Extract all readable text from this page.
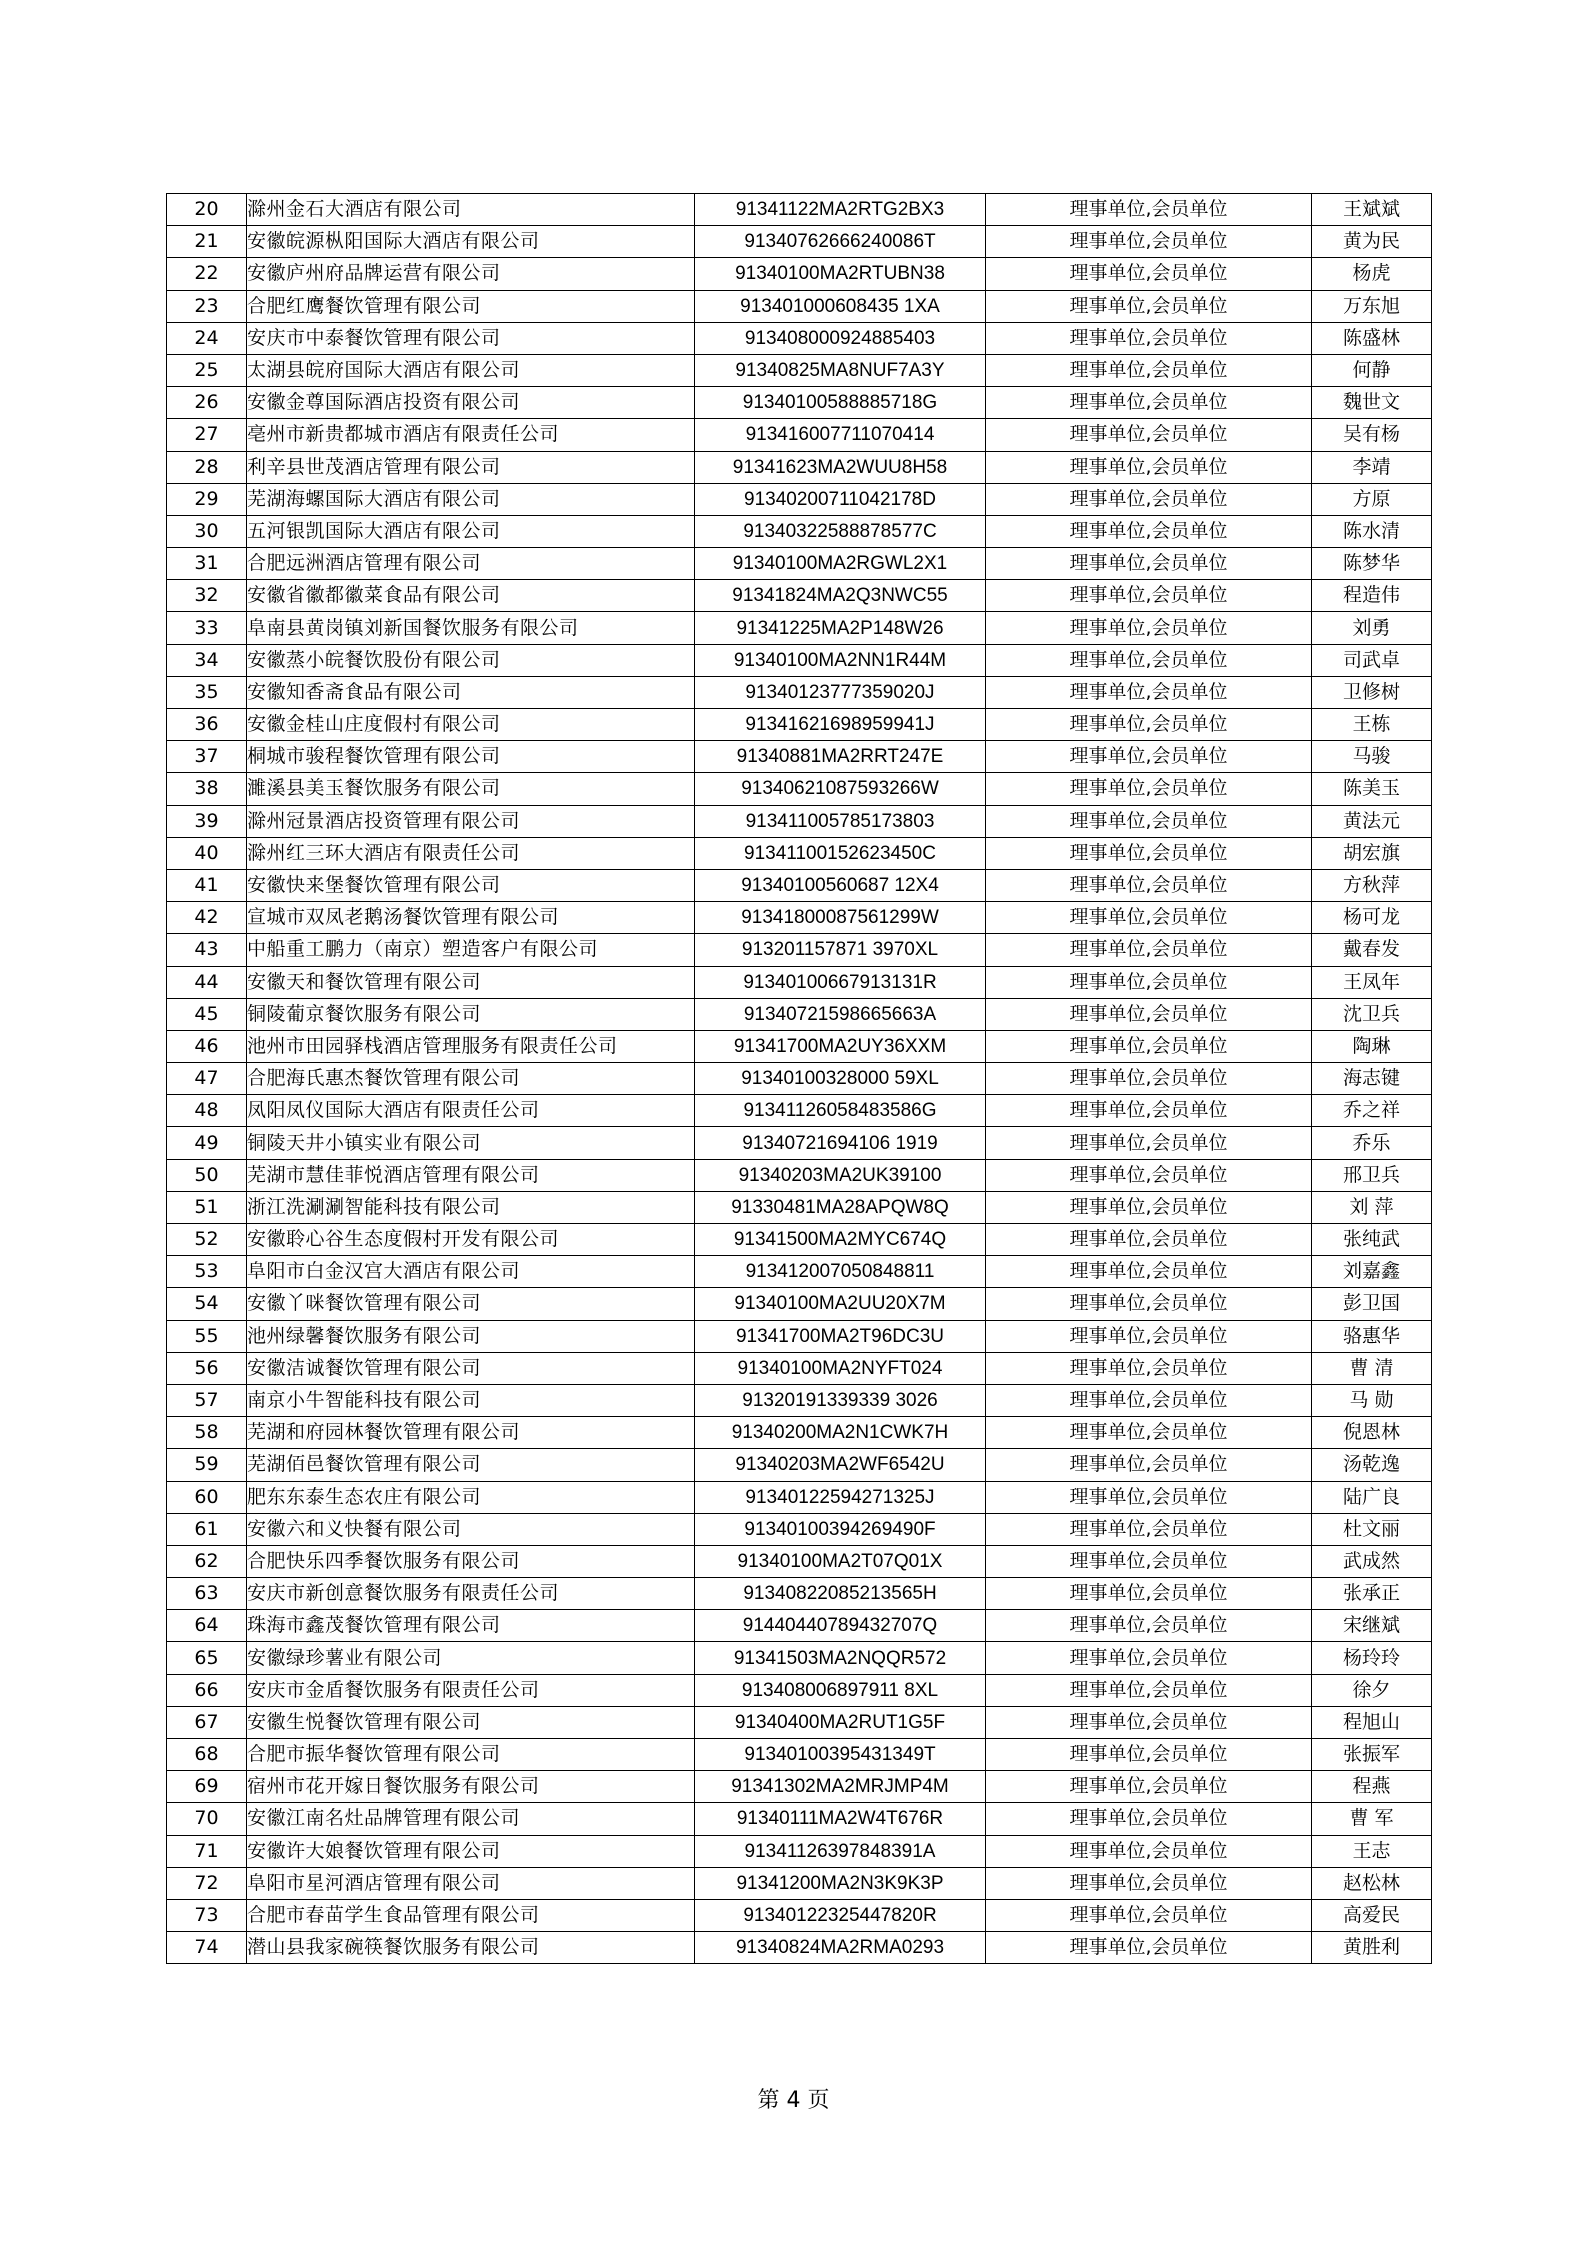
20	滁州金石大酒店有限公司	91341122MA2RTG2BX3	理事单位,会员单位	王斌斌
21	安徽皖源枞阳国际大酒店有限公司	91340762666240086T	理事单位,会员单位	黄为民
22	安徽庐州府品牌运营有限公司	91340100MA2RTUBN38	理事单位,会员单位	杨虎
23	合肥红鹰餐饮管理有限公司	913401000608435 1XA	理事单位,会员单位	万东旭
24	安庆市中泰餐饮管理有限公司	913408000924885403	理事单位,会员单位	陈盛林
25	太湖县皖府国际大酒店有限公司	91340825MA8NUF7A3Y	理事单位,会员单位	何静
26	安徽金尊国际酒店投资有限公司	91340100588885718G	理事单位,会员单位	魏世文
27	亳州市新贵都城市酒店有限责任公司	913416007711070414	理事单位,会员单位	吴有杨
28	利辛县世茂酒店管理有限公司	91341623MA2WUU8H58	理事单位,会员单位	李靖
29	芜湖海螺国际大酒店有限公司	91340200711042178D	理事单位,会员单位	方原
30	五河银凯国际大酒店有限公司	91340322588878577C	理事单位,会员单位	陈水清
31	合肥远洲酒店管理有限公司	91340100MA2RGWL2X1	理事单位,会员单位	陈梦华
32	安徽省徽都徽菜食品有限公司	91341824MA2Q3NWC55	理事单位,会员单位	程造伟
33	阜南县黄岗镇刘新国餐饮服务有限公司	91341225MA2P148W26	理事单位,会员单位	刘勇
34	安徽蒸小皖餐饮股份有限公司	91340100MA2NN1R44M	理事单位,会员单位	司武卓
35	安徽知香斋食品有限公司	91340123777359020J	理事单位,会员单位	卫修树
36	安徽金桂山庄度假村有限公司	91341621698959941J	理事单位,会员单位	王栋
37	桐城市骏程餐饮管理有限公司	91340881MA2RRT247E	理事单位,会员单位	马骏
38	濉溪县美玉餐饮服务有限公司	91340621087593266W	理事单位,会员单位	陈美玉
39	滁州冠景酒店投资管理有限公司	913411005785173803	理事单位,会员单位	黄法元
40	滁州红三环大酒店有限责任公司	91341100152623450C	理事单位,会员单位	胡宏旗
41	安徽快来堡餐饮管理有限公司	91340100560687 12X4	理事单位,会员单位	方秋萍
42	宣城市双凤老鹅汤餐饮管理有限公司	91341800087561299W	理事单位,会员单位	杨可龙
43	中船重工鹏力（南京）塑造客户有限公司	913201157871 3970XL	理事单位,会员单位	戴春发
44	安徽天和餐饮管理有限公司	91340100667913131R	理事单位,会员单位	王凤年
45	铜陵葡京餐饮服务有限公司	91340721598665663A	理事单位,会员单位	沈卫兵
46	池州市田园驿栈酒店管理服务有限责任公司	91341700MA2UY36XXM	理事单位,会员单位	陶琳
47	合肥海氏惠杰餐饮管理有限公司	91340100328000 59XL	理事单位,会员单位	海志键
48	凤阳凤仪国际大酒店有限责任公司	91341126058483586G	理事单位,会员单位	乔之祥
49	铜陵天井小镇实业有限公司	91340721694106 1919	理事单位,会员单位	乔乐
50	芜湖市慧佳菲悦酒店管理有限公司	91340203MA2UK39100	理事单位,会员单位	邢卫兵
51	浙江洗涮涮智能科技有限公司	91330481MA28APQW8Q	理事单位,会员单位	刘 萍
52	安徽聆心谷生态度假村开发有限公司	91341500MA2MYC674Q	理事单位,会员单位	张纯武
53	阜阳市白金汉宫大酒店有限公司	913412007050848811	理事单位,会员单位	刘嘉鑫
54	安徽丫咪餐饮管理有限公司	91340100MA2UU20X7M	理事单位,会员单位	彭卫国
55	池州绿馨餐饮服务有限公司	91341700MA2T96DC3U	理事单位,会员单位	骆惠华
56	安徽洁诚餐饮管理有限公司	91340100MA2NYFT024	理事单位,会员单位	曹 清
57	南京小牛智能科技有限公司	91320191339339 3026	理事单位,会员单位	马 勋
58	芜湖和府园林餐饮管理有限公司	91340200MA2N1CWK7H	理事单位,会员单位	倪恩林
59	芜湖佰邑餐饮管理有限公司	91340203MA2WF6542U	理事单位,会员单位	汤乾逸
60	肥东东泰生态农庄有限公司	91340122594271325J	理事单位,会员单位	陆广良
61	安徽六和义快餐有限公司	91340100394269490F	理事单位,会员单位	杜文丽
62	合肥快乐四季餐饮服务有限公司	91340100MA2T07Q01X	理事单位,会员单位	武成然
63	安庆市新创意餐饮服务有限责任公司	91340822085213565H	理事单位,会员单位	张承正
64	珠海市鑫茂餐饮管理有限公司	91440440789432707Q	理事单位,会员单位	宋继斌
65	安徽绿珍薯业有限公司	91341503MA2NQQR572	理事单位,会员单位	杨玲玲
66	安庆市金盾餐饮服务有限责任公司	913408006897911 8XL	理事单位,会员单位	徐夕
67	安徽生悦餐饮管理有限公司	91340400MA2RUT1G5F	理事单位,会员单位	程旭山
68	合肥市振华餐饮管理有限公司	91340100395431349T	理事单位,会员单位	张振军
69	宿州市花开嫁日餐饮服务有限公司	91341302MA2MRJMP4M	理事单位,会员单位	程燕
70	安徽江南名灶品牌管理有限公司	91340111MA2W4T676R	理事单位,会员单位	曹 军
71	安徽许大娘餐饮管理有限公司	91341126397848391A	理事单位,会员单位	王志
72	阜阳市星河酒店管理有限公司	91341200MA2N3K9K3P	理事单位,会员单位	赵松林
73	合肥市春苗学生食品管理有限公司	91340122325447820R	理事单位,会员单位	高爱民
74	潜山县我家碗筷餐饮服务有限公司	91340824MA2RMA0293	理事单位,会员单位	黄胜利
第 4 页
